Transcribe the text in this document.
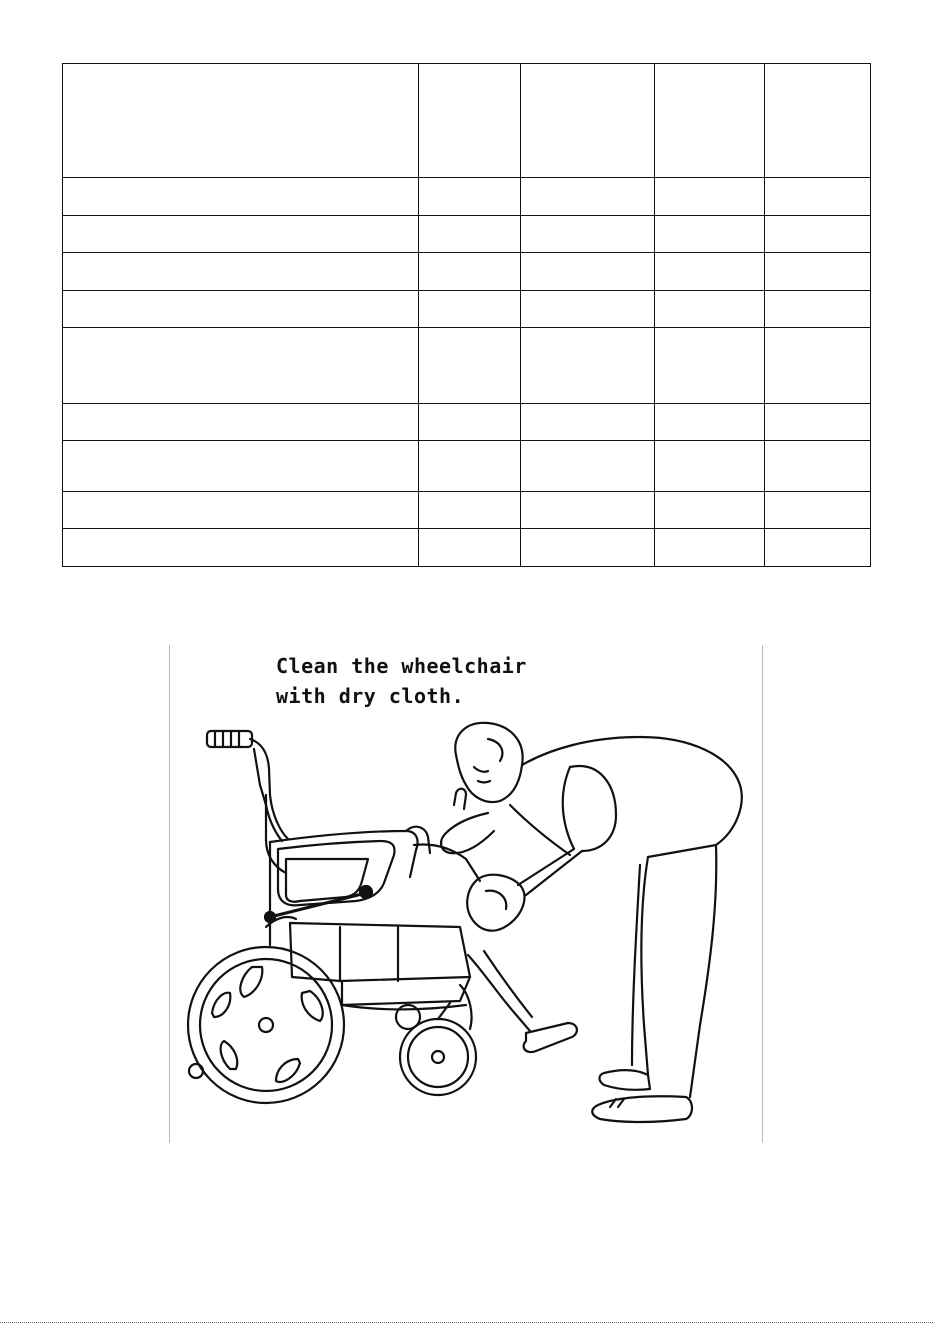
Clean the wheelchair
with dry cloth.
